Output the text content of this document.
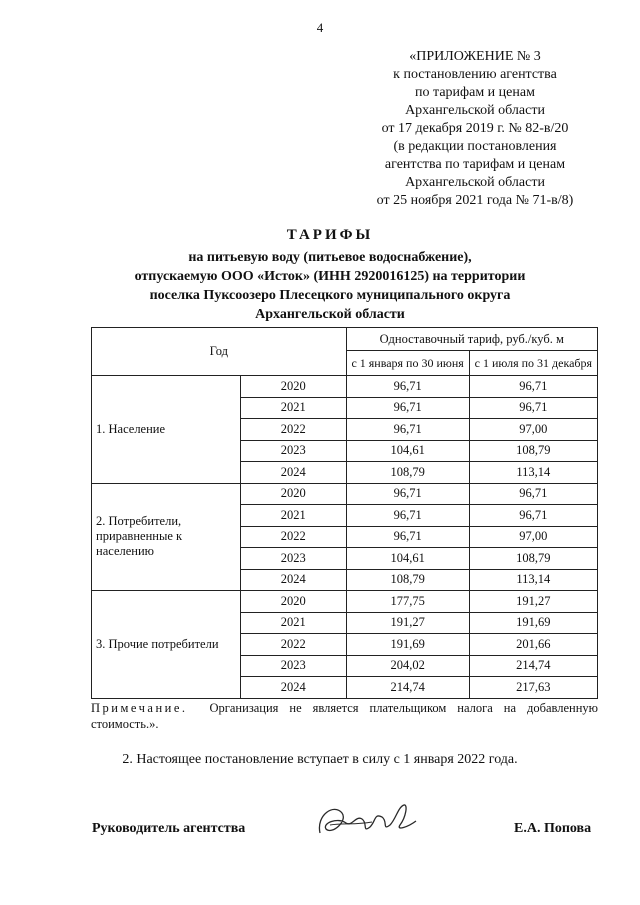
4
«ПРИЛОЖЕНИЕ № 3
к постановлению агентства
по тарифам и ценам
Архангельской области
от 17 декабря 2019 г. № 82-в/20
(в редакции постановления
агентства по тарифам и ценам
Архангельской области
от 25 ноября 2021 года № 71-в/8)
ТАРИФЫ
на питьевую воду (питьевое водоснабжение),
отпускаемую ООО «Исток» (ИНН 2920016125) на территории
поселка Пуксоозеро Плесецкого муниципального округа
Архангельской области
Год		Одноставочный тариф, руб./куб. м	
		с 1 января по 30 июня	с 1 июля по 31 декабря
1. Население	2020	96,71	96,71
	2021	96,71	96,71
	2022	96,71	97,00
	2023	104,61	108,79
	2024	108,79	113,14
2. Потребители, приравненные к населению	2020	96,71	96,71
	2021	96,71	96,71
	2022	96,71	97,00
	2023	104,61	108,79
	2024	108,79	113,14
3. Прочие потребители	2020	177,75	191,27
	2021	191,27	191,69
	2022	191,69	201,66
	2023	204,02	214,74
	2024	214,74	217,63
Примечание. Организация не является плательщиком налога на добавленную стоимость.».
2. Настоящее постановление вступает в силу с 1 января 2022 года.
Руководитель агентства	Е.А. Попова
